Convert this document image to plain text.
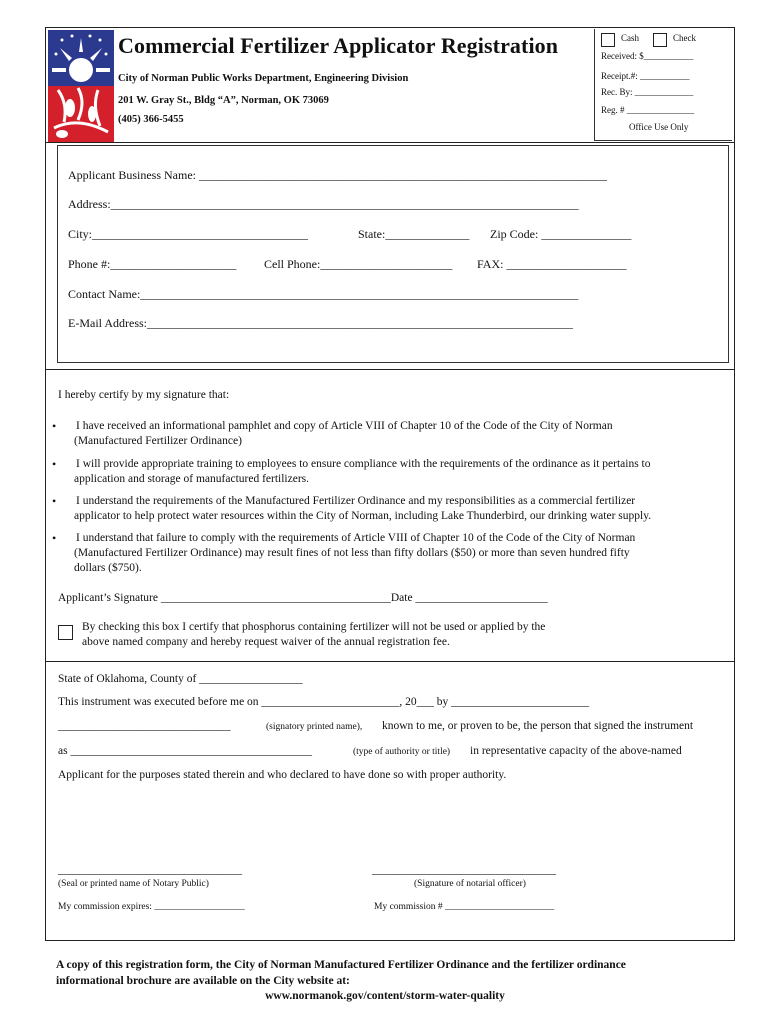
Commercial Fertilizer Applicator Registration
City of Norman Public Works Department, Engineering Division
201 W. Gray St., Bldg “A”, Norman, OK 73069
(405) 366-5455
Cash	Check
Received: $___________
Receipt.#: ___________
Rec. By: _____________
Reg. # _______________
Office Use Only
Applicant Business Name: ____________________________________________________________________
Address:______________________________________________________________________________
City:____________________________________	State:______________ Zip Code: _______________
Phone #:_____________________ Cell Phone:______________________ FAX: ____________________
Contact Name:_________________________________________________________________________
E-Mail Address:_______________________________________________________________________
I hereby certify by my signature that:
• I have received an informational pamphlet and copy of Article VIII of Chapter 10 of the Code of the City of Norman
(Manufactured Fertilizer Ordinance)
• I will provide appropriate training to employees to ensure compliance with the requirements of the ordinance as it pertains to
application and storage of manufactured fertilizers.
• I understand the requirements of the Manufactured Fertilizer Ordinance and my responsibilities as a commercial fertilizer
applicator to help protect water resources within the City of Norman, including Lake Thunderbird, our drinking water supply.
• I understand that failure to comply with the requirements of Article VIII of Chapter 10 of the Code of the City of Norman
(Manufactured Fertilizer Ordinance) may result fines of not less than fifty dollars ($50) or more than seven hundred fifty
dollars ($750).
Applicant’s Signature ________________________________________Date _______________________
By checking this box I certify that phosphorus containing fertilizer will not be used or applied by the
above named company and hereby request waiver of the annual registration fee.
State of Oklahoma, County of __________________
This instrument was executed before me on ________________________, 20___ by ________________________
______________________________	(signatory printed name), known to me, or proven to be, the person that signed the instrument
as __________________________________________	(type of authority or title) in representative capacity of the above-named
Applicant for the purposes stated therein and who declared to have done so with proper authority.
________________________________
(Seal or printed name of Notary Public)
________________________________
(Signature of notarial officer)
My commission expires: ___________________	My commission # _______________________
A copy of this registration form, the City of Norman Manufactured Fertilizer Ordinance and the fertilizer ordinance
informational brochure are available on the City website at:
www.normanok.gov/content/storm-water-quality
